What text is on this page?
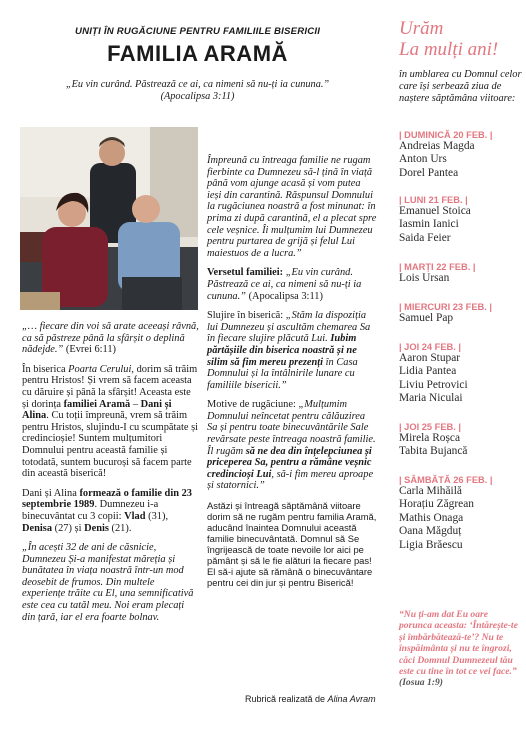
UNIȚI ÎN RUGĂCIUNE PENTRU FAMILIILE BISERICII
FAMILIA ARAMĂ
„Eu vin curând. Păstrează ce ai, ca nimeni să nu-ți ia cununa.”
(Apocalipsa 3:11)

„… fiecare din voi să arate aceeași râvnă, ca să păstreze până la sfârșit o deplină nădejde.” (Evrei 6:11)

În biserica Poarta Cerului, dorim să trăim pentru Hristos! Și vrem să facem aceasta cu dăruire și până la sfârșit! Aceasta este și dorința familiei Aramă – Dani și Alina. Cu toții împreună, vrem să trăim pentru Hristos, slujindu-I cu scumpătate și credincioșie! Suntem mulțumitori Domnului pentru această familie și totodată, suntem bucuroși să facem parte din această biserică!

Dani și Alina formează o familie din 23 septembrie 1989. Dumnezeu i-a binecuvântat cu 3 copii: Vlad (31),
Denisa (27) și Denis (21).

„În acești 32 de ani de căsnicie, Dumnezeu Și-a manifestat măreția și bunătatea în viața noastră într-un mod deosebit de frumos. Din multele experiențe trăite cu El, una semnificativă este cea cu tatăl meu. Noi eram plecați din țară, iar el era foarte bolnav.

Împreună cu întreaga familie ne rugam fierbinte ca Dumnezeu să-l țină în viață până vom ajunge acasă și vom putea ieși din carantină. Răspunsul Domnului la rugăciunea noastră a fost minunat: în prima zi după carantină, el a plecat spre cele veșnice. Îi mulțumim lui Dumnezeu pentru purtarea de grijă și felul Lui maiestuos de a lucra.”

Versetul familiei: „Eu vin curând. Păstrează ce ai, ca nimeni să nu-ți ia cununa.” (Apocalipsa 3:11)

Slujire în biserică: „Stăm la dispoziția lui Dumnezeu și ascultăm chemarea Sa în fiecare slujire plăcută Lui. Iubim părtășiile din biserica noastră și ne silim să fim mereu prezenți în Casa Domnului și la întâlnirile lunare cu familiile bisericii.”

Motive de rugăciune: „Mulțumim Domnului neîncetat pentru călăuzirea Sa și pentru toate binecuvântările Sale revărsate peste întreaga noastră familie. Îl rugăm să ne dea din înțelepciunea și priceperea Sa, pentru a rămâne veșnic credincioși Lui, să-i fim mereu aproape și statornici.”

Astăzi și întreagă săptămână viitoare dorim să ne rugăm pentru familia Aramă, aducând înaintea Domnului această familie binecuvântată. Domnul să Se îngrijească de toate nevoile lor aici pe pământ și să le fie alături la fiecare pas! El să-i ajute să rămână o binecuvântare pentru cei din jur și pentru Biserică!

Rubrică realizată de Alina Avram
Urăm
La mulți ani!
în umblarea cu Domnul celor care își serbează ziua de naștere săptămâna viitoare:
| DUMINICĂ 20 FEB. |
Andreias Magda
Anton Urs
Dorel Pantea
| LUNI 21 FEB. |
Emanuel Stoica
Iasmin Ianici
Saida Feier
| MARȚI 22 FEB. |
Lois Ursan
| MIERCURI 23 FEB. |
Samuel Pap
| JOI 24 FEB. |
Aaron Stupar
Lidia Pantea
Liviu Petrovici
Maria Niculai
| JOI 25 FEB. |
Mirela Roșca
Tabita Bujancă
| SÂMBĂTĂ 26 FEB. |
Carla Mihăilă
Horațiu Zăgrean
Mathis Onaga
Oana Măgduț
Ligia Brăescu
“Nu ți-am dat Eu oare porunca aceasta: ‘Întărește-te și îmbărbătează-te’? Nu te înspăimânta și nu te îngrozi, căci Domnul Dumnezeul tău este cu tine în tot ce vei face.” (Iosua 1:9)
